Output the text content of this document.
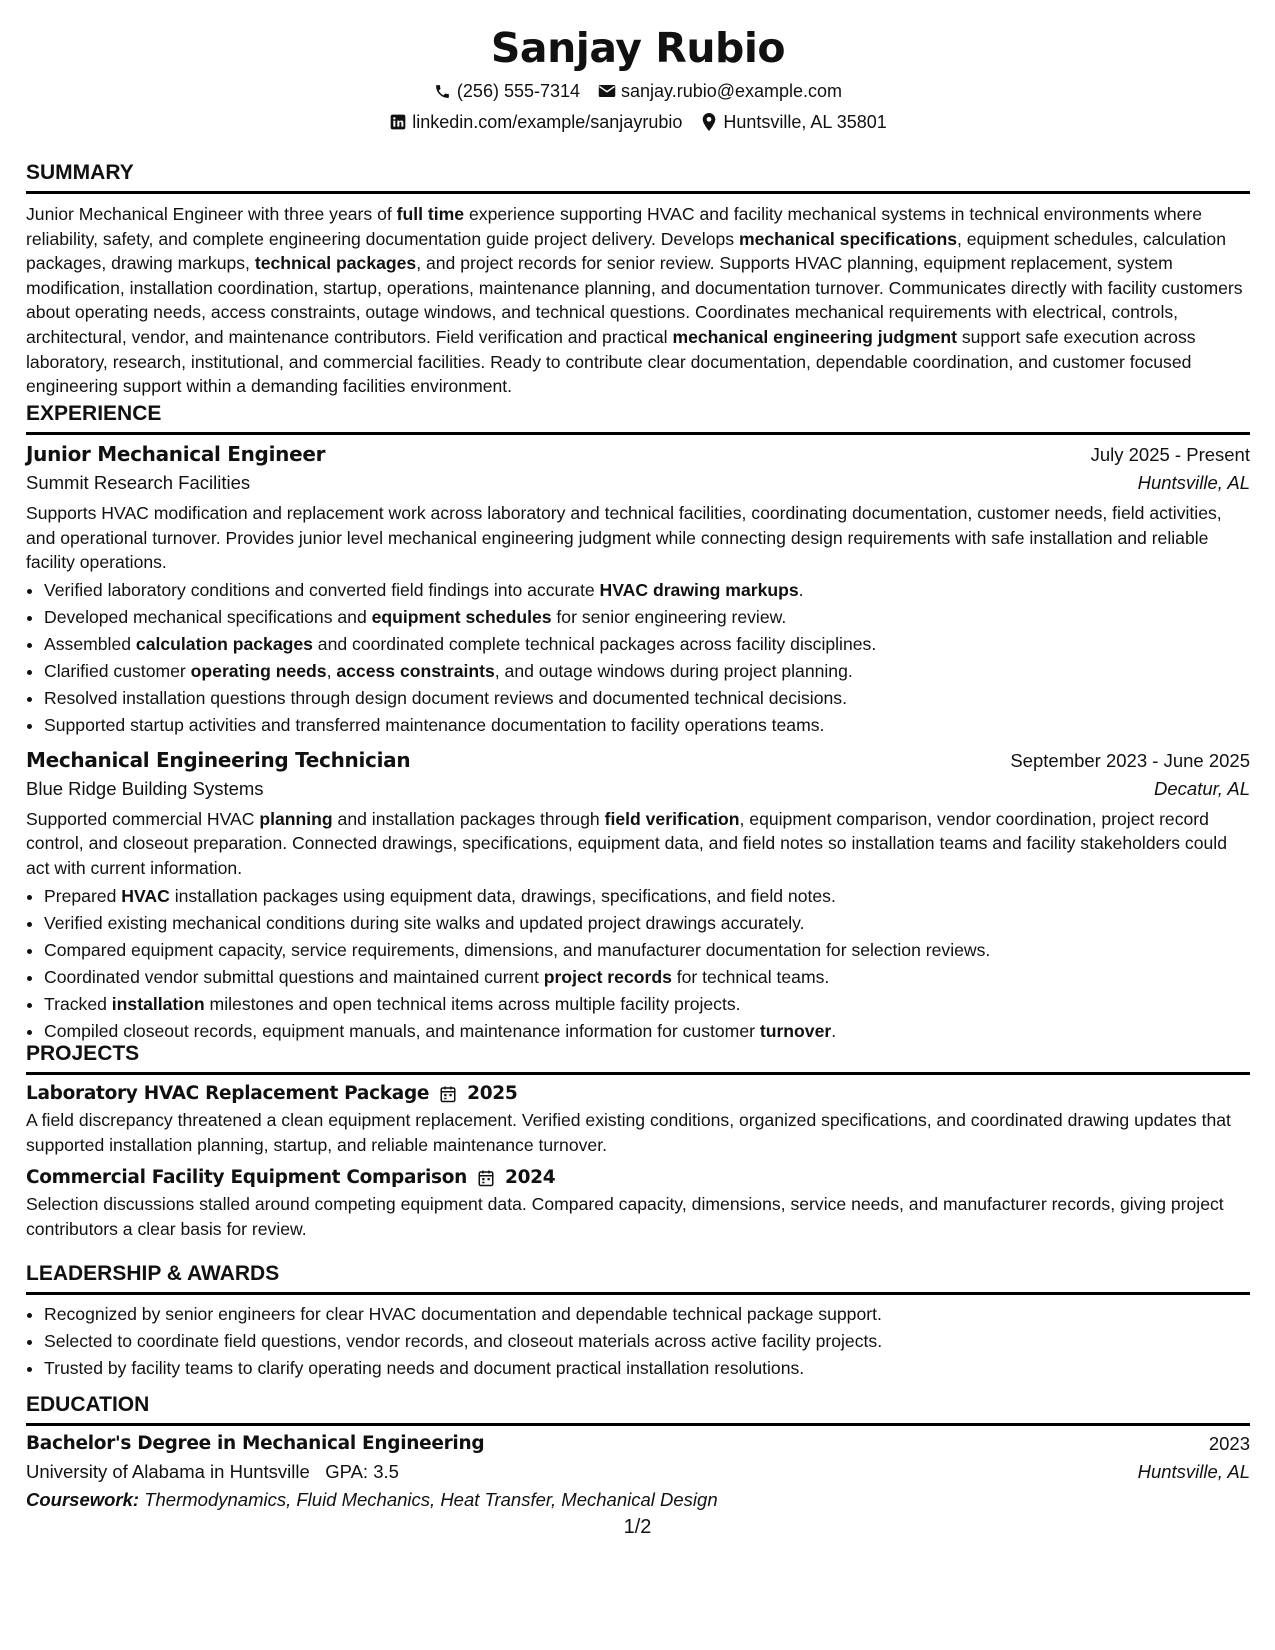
Sanjay Rubio
(256) 555-7314 sanjay.rubio@example.com
linkedin.com/example/sanjayrubio Huntsville, AL 35801
SUMMARY

Junior Mechanical Engineer with three years of full time experience supporting HVAC and facility mechanical systems in technical environments where reliability, safety, and complete engineering documentation guide project delivery. Develops mechanical specifications, equipment schedules, calculation packages, drawing markups, technical packages, and project records for senior review. Supports HVAC planning, equipment replacement, system modification, installation coordination, startup, operations, maintenance planning, and documentation turnover. Communicates directly with facility customers about operating needs, access constraints, outage windows, and technical questions. Coordinates mechanical requirements with electrical, controls, architectural, vendor, and maintenance contributors. Field verification and practical mechanical engineering judgment support safe execution across laboratory, research, institutional, and commercial facilities. Ready to contribute clear documentation, dependable coordination, and customer focused engineering support within a demanding facilities environment.

EXPERIENCE
Junior Mechanical Engineer	July 2025 - Present
Summit Research Facilities	Huntsville, AL

Supports HVAC modification and replacement work across laboratory and technical facilities, coordinating documentation, customer needs, field activities, and operational turnover. Provides junior level mechanical engineering judgment while connecting design requirements with safe installation and reliable facility operations.

• Verified laboratory conditions and converted field findings into accurate HVAC drawing markups.
• Developed mechanical specifications and equipment schedules for senior engineering review.
• Assembled calculation packages and coordinated complete technical packages across facility disciplines.
• Clarified customer operating needs, access constraints, and outage windows during project planning.
• Resolved installation questions through design document reviews and documented technical decisions.
• Supported startup activities and transferred maintenance documentation to facility operations teams.
Mechanical Engineering Technician	September 2023 - June 2025
Blue Ridge Building Systems	Decatur, AL

Supported commercial HVAC planning and installation packages through field verification, equipment comparison, vendor coordination, project record control, and closeout preparation. Connected drawings, specifications, equipment data, and field notes so installation teams and facility stakeholders could act with current information.

• Prepared HVAC installation packages using equipment data, drawings, specifications, and field notes.
• Verified existing mechanical conditions during site walks and updated project drawings accurately.
• Compared equipment capacity, service requirements, dimensions, and manufacturer documentation for selection reviews.
• Coordinated vendor submittal questions and maintained current project records for technical teams.
• Tracked installation milestones and open technical items across multiple facility projects.
• Compiled closeout records, equipment manuals, and maintenance information for customer turnover.
PROJECTS
Laboratory HVAC Replacement Package 2025

A field discrepancy threatened a clean equipment replacement. Verified existing conditions, organized specifications, and coordinated drawing updates that supported installation planning, startup, and reliable maintenance turnover.

Commercial Facility Equipment Comparison 2024

Selection discussions stalled around competing equipment data. Compared capacity, dimensions, service needs, and manufacturer records, giving project contributors a clear basis for review.

LEADERSHIP & AWARDS
• Recognized by senior engineers for clear HVAC documentation and dependable technical package support.
• Selected to coordinate field questions, vendor records, and closeout materials across active facility projects.
• Trusted by facility teams to clarify operating needs and document practical installation resolutions.
EDUCATION
Bachelor's Degree in Mechanical Engineering	2023
University of Alabama in Huntsville GPA: 3.5	Huntsville, AL
Coursework: Thermodynamics, Fluid Mechanics, Heat Transfer, Mechanical Design
1/2
